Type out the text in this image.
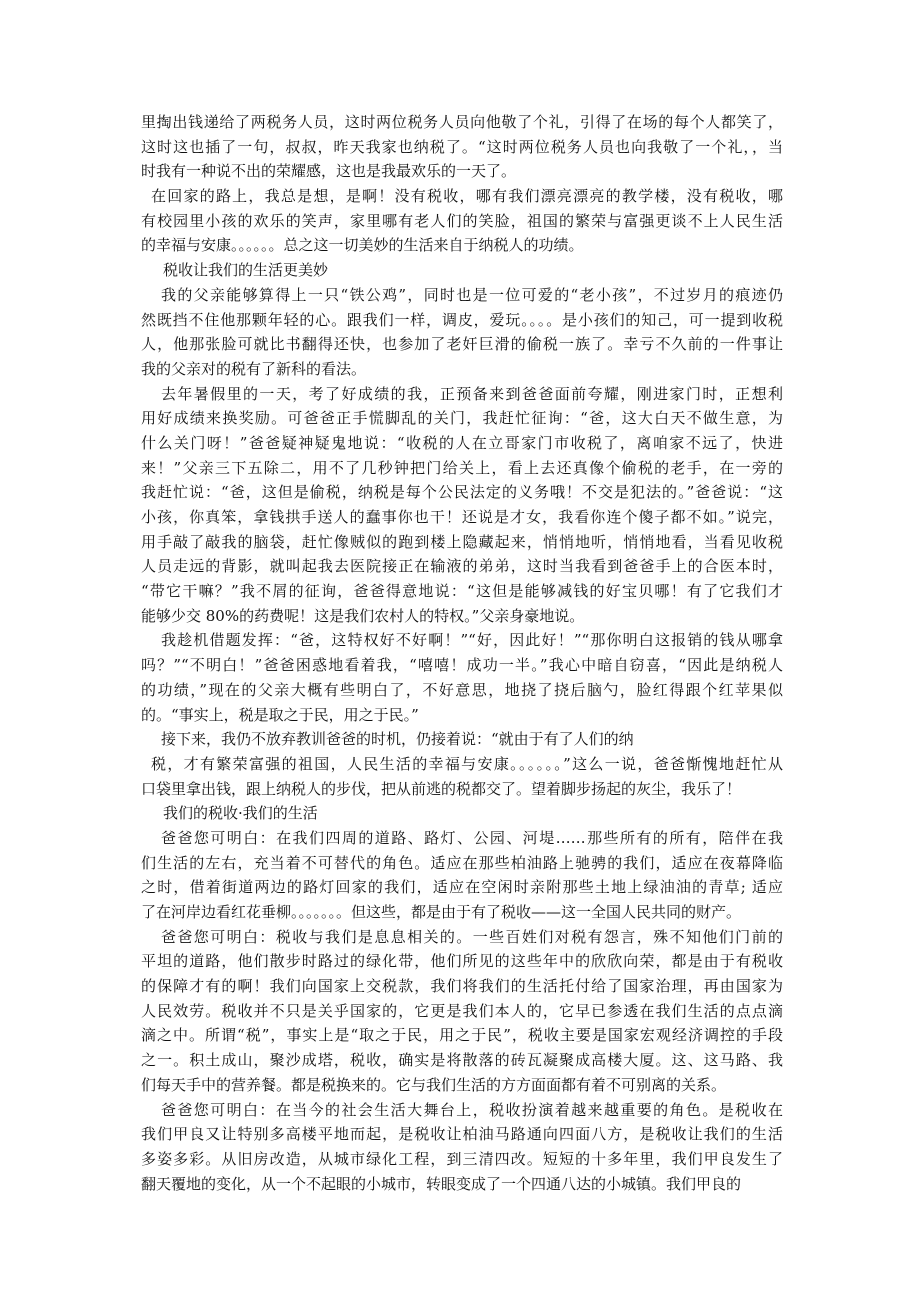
里掏出钱递给了两税务人员，这时两位税务人员向他敬了个礼，引得了在场的每个人都笑了，
这时这也插了一句，叔叔，昨天我家也纳税了。“这时两位税务人员也向我敬了一个礼，，当
时我有一种说不出的荣耀感，这也是我最欢乐的一天了。
在回家的路上，我总是想，是啊！没有税收，哪有我们漂亮漂亮的教学楼，没有税收，哪
有校园里小孩的欢乐的笑声，家里哪有老人们的笑脸，祖国的繁荣与富强更谈不上人民生活
的幸福与安康。。。。。。总之这一切美妙的生活来自于纳税人的功绩。
税收让我们的生活更美妙
我的父亲能够算得上一只“铁公鸡”，同时也是一位可爱的“老小孩”，不过岁月的痕迹仍
然既挡不住他那颗年轻的心。跟我们一样，调皮，爱玩。。。。是小孩们的知己，可一提到收税
人，他那张脸可就比书翻得还快，也参加了老奸巨滑的偷税一族了。幸亏不久前的一件事让
我的父亲对的税有了新科的看法。
去年暑假里的一天，考了好成绩的我，正预备来到爸爸面前夸耀，刚进家门时，正想利
用好成绩来换奖励。可爸爸正手慌脚乱的关门，我赶忙征询：“爸，这大白天不做生意，为
什么关门呀！”爸爸疑神疑鬼地说：“收税的人在立哥家门市收税了，离咱家不远了，快进
来！”父亲三下五除二，用不了几秒钟把门给关上，看上去还真像个偷税的老手，在一旁的
我赶忙说：“爸，这但是偷税，纳税是每个公民法定的义务哦！不交是犯法的。”爸爸说：“这
小孩，你真笨，拿钱拱手送人的蠢事你也干！还说是才女，我看你连个傻子都不如。”说完，
用手敲了敲我的脑袋，赶忙像贼似的跑到楼上隐藏起来，悄悄地听，悄悄地看，当看见收税
人员走远的背影，就叫起我去医院接正在输液的弟弟，这时当我看到爸爸手上的合医本时，
“带它干嘛？”我不屑的征询，爸爸得意地说：“这但是能够减钱的好宝贝哪！有了它我们才
能够少交 80%的药费呢！这是我们农村人的特权。”父亲身豪地说。
我趁机借题发挥：“爸，这特权好不好啊！”“好，因此好！”“那你明白这报销的钱从哪拿
吗？”“不明白！”爸爸困惑地看着我，“嘻嘻！成功一半。”我心中暗自窃喜，“因此是纳税人
的功绩，”现在的父亲大概有些明白了，不好意思，地挠了挠后脑勺，脸红得跟个红苹果似
的。“事实上，税是取之于民，用之于民。”
接下来，我仍不放弃教训爸爸的时机，仍接着说：“就由于有了人们的纳
税，才有繁荣富强的祖国，人民生活的幸福与安康。。。。。。”这么一说，爸爸惭愧地赶忙从
口袋里拿出钱，跟上纳税人的步伐，把从前逃的税都交了。望着脚步扬起的灰尘，我乐了！
我们的税收·我们的生活
爸爸您可明白：在我们四周的道路、路灯、公园、河堤……那些所有的所有，陪伴在我
们生活的左右，充当着不可替代的角色。适应在那些柏油路上驰骋的我们，适应在夜幕降临
之时，借着街道两边的路灯回家的我们，适应在空闲时亲附那些土地上绿油油的青草; 适应
了在河岸边看红花垂柳。。。。。。。但这些，都是由于有了税收——这一全国人民共同的财产。
爸爸您可明白：税收与我们是息息相关的。一些百姓们对税有怨言，殊不知他们门前的
平坦的道路，他们散步时路过的绿化带，他们所见的这些年中的欣欣向荣，都是由于有税收
的保障才有的啊！我们向国家上交税款，我们将我们的生活托付给了国家治理，再由国家为
人民效劳。税收并不只是关乎国家的，它更是我们本人的，它早已参透在我们生活的点点滴
滴之中。所谓“税”，事实上是“取之于民，用之于民”，税收主要是国家宏观经济调控的手段
之一。积土成山，聚沙成塔，税收，确实是将散落的砖瓦凝聚成高楼大厦。这、这马路、我
们每天手中的营养餐。都是税换来的。它与我们生活的方方面面都有着不可别离的关系。
爸爸您可明白：在当今的社会生活大舞台上，税收扮演着越来越重要的角色。是税收在
我们甲良又让特别多高楼平地而起，是税收让柏油马路通向四面八方，是税收让我们的生活
多姿多彩。从旧房改造，从城市绿化工程，到三清四改。短短的十多年里，我们甲良发生了
翻天覆地的变化，从一个不起眼的小城市，转眼变成了一个四通八达的小城镇。我们甲良的
